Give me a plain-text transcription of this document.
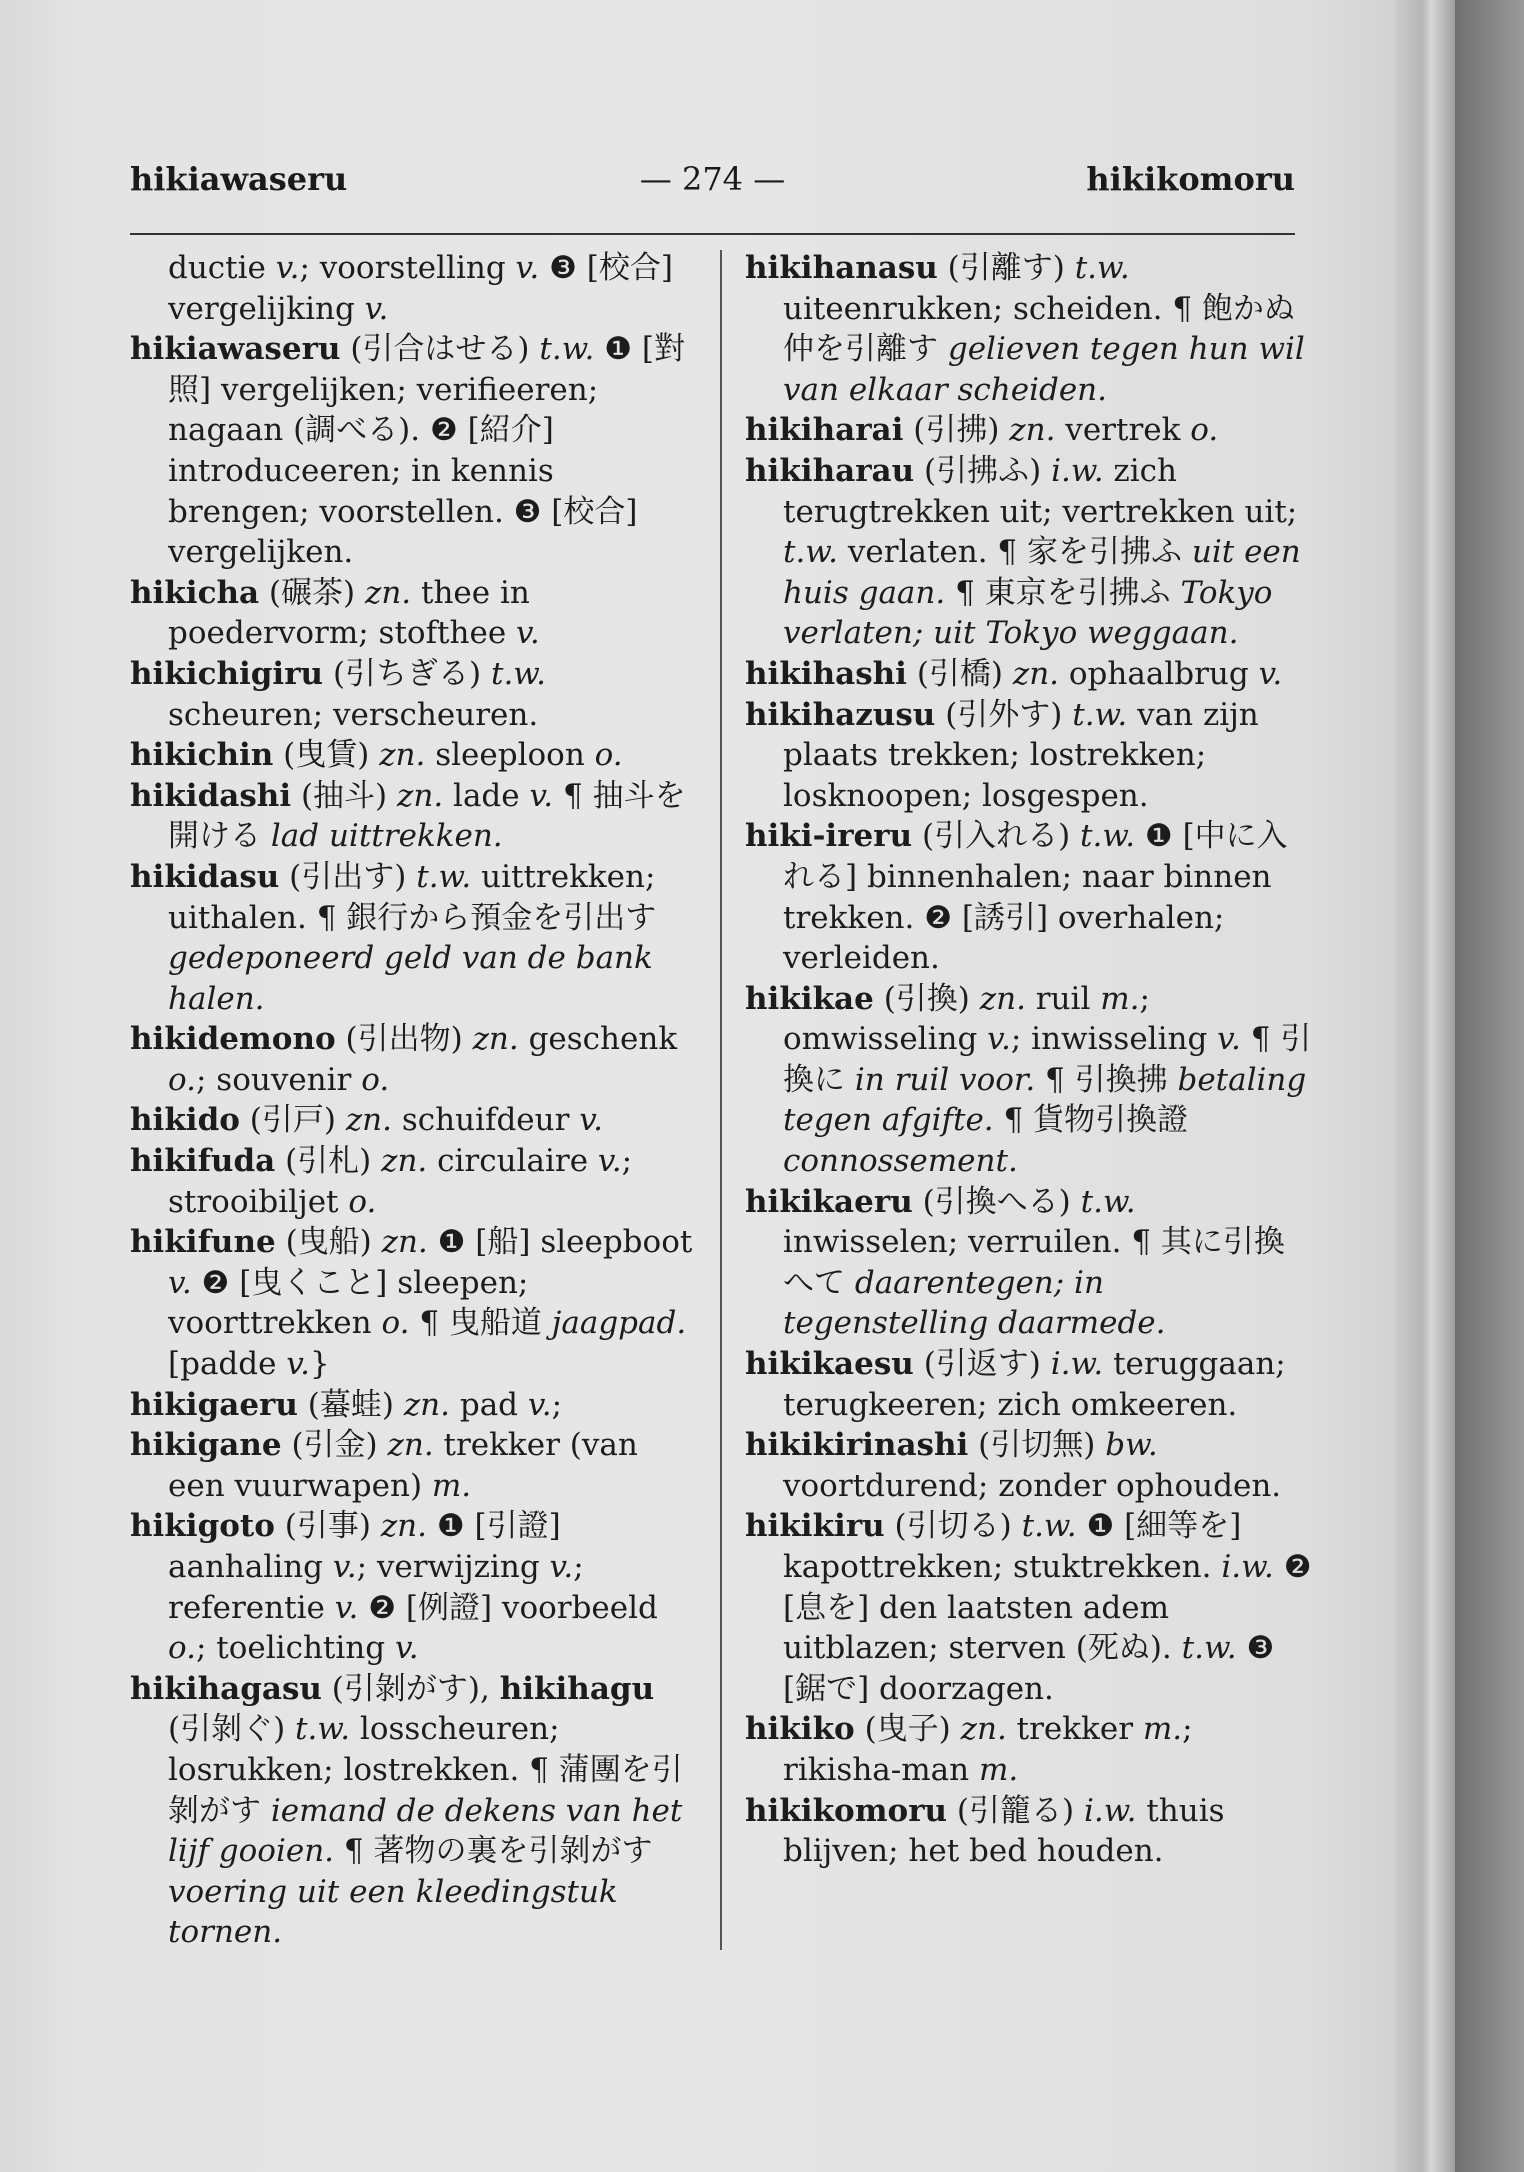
hikiawaseru	— 274 —	hikikomoru

ductie v.; voorstelling v. ❸ [校合] vergelijking v.

hikiawaseru (引合はせる) t.w. ❶ [對照] vergelijken; verifieeren; nagaan (調べる). ❷ [紹介] introduceeren; in kennis brengen; voorstellen. ❸ [校合] vergelijken.

hikicha (碾茶) zn. thee in poedervorm; stofthee v.

hikichigiru (引ちぎる) t.w. scheuren; verscheuren.

hikichin (曳賃) zn. sleeploon o.

hikidashi (抽斗) zn. lade v. ¶ 抽斗を開ける lad uittrekken.

hikidasu (引出す) t.w. uittrekken; uithalen. ¶ 銀行から預金を引出す gedeponeerd geld van de bank halen.

hikidemono (引出物) zn. geschenk o.; souvenir o.

hikido (引戸) zn. schuifdeur v.

hikifuda (引札) zn. circulaire v.; strooibiljet o.

hikifune (曳船) zn. ❶ [船] sleepboot v. ❷ [曳くこと] sleepen; voorttrekken o. ¶ 曳船道 jaagpad. [padde v.}

hikigaeru (蟇蛙) zn. pad v.;

hikigane (引金) zn. trekker (van een vuurwapen) m.

hikigoto (引事) zn. ❶ [引證] aanhaling v.; verwijzing v.; referentie v. ❷ [例證] voorbeeld o.; toelichting v.

hikihagasu (引剝がす), hikihagu (引剝ぐ) t.w. losscheuren; losrukken; lostrekken. ¶ 蒲團を引剝がす iemand de dekens van het lijf gooien. ¶ 著物の裏を引剝がす voering uit een kleedingstuk tornen.

hikihanasu (引離す) t.w. uiteenrukken; scheiden. ¶ 飽かぬ仲を引離す gelieven tegen hun wil van elkaar scheiden.

hikiharai (引拂) zn. vertrek o.

hikiharau (引拂ふ) i.w. zich terugtrekken uit; vertrekken uit; t.w. verlaten. ¶ 家を引拂ふ uit een huis gaan. ¶ 東京を引拂ふ Tokyo verlaten; uit Tokyo weggaan.

hikihashi (引橋) zn. ophaalbrug v.

hikihazusu (引外す) t.w. van zijn plaats trekken; lostrekken; losknoopen; losgespen.

hiki-ireru (引入れる) t.w. ❶ [中に入れる] binnenhalen; naar binnen trekken. ❷ [誘引] overhalen; verleiden.

hikikae (引換) zn. ruil m.; omwisseling v.; inwisseling v. ¶ 引換に in ruil voor. ¶ 引換拂 betaling tegen afgifte. ¶ 貨物引換證 connossement.

hikikaeru (引換へる) t.w. inwisselen; verruilen. ¶ 其に引換へて daarentegen; in tegenstelling daarmede.

hikikaesu (引返す) i.w. teruggaan; terugkeeren; zich omkeeren.

hikikirinashi (引切無) bw. voortdurend; zonder ophouden.

hikikiru (引切る) t.w. ❶ [細等を] kapottrekken; stuktrekken. i.w. ❷ [息を] den laatsten adem uitblazen; sterven (死ぬ). t.w. ❸ [鋸で] doorzagen.

hikiko (曳子) zn. trekker m.; rikisha-man m.

hikikomoru (引籠る) i.w. thuis blijven; het bed houden.
